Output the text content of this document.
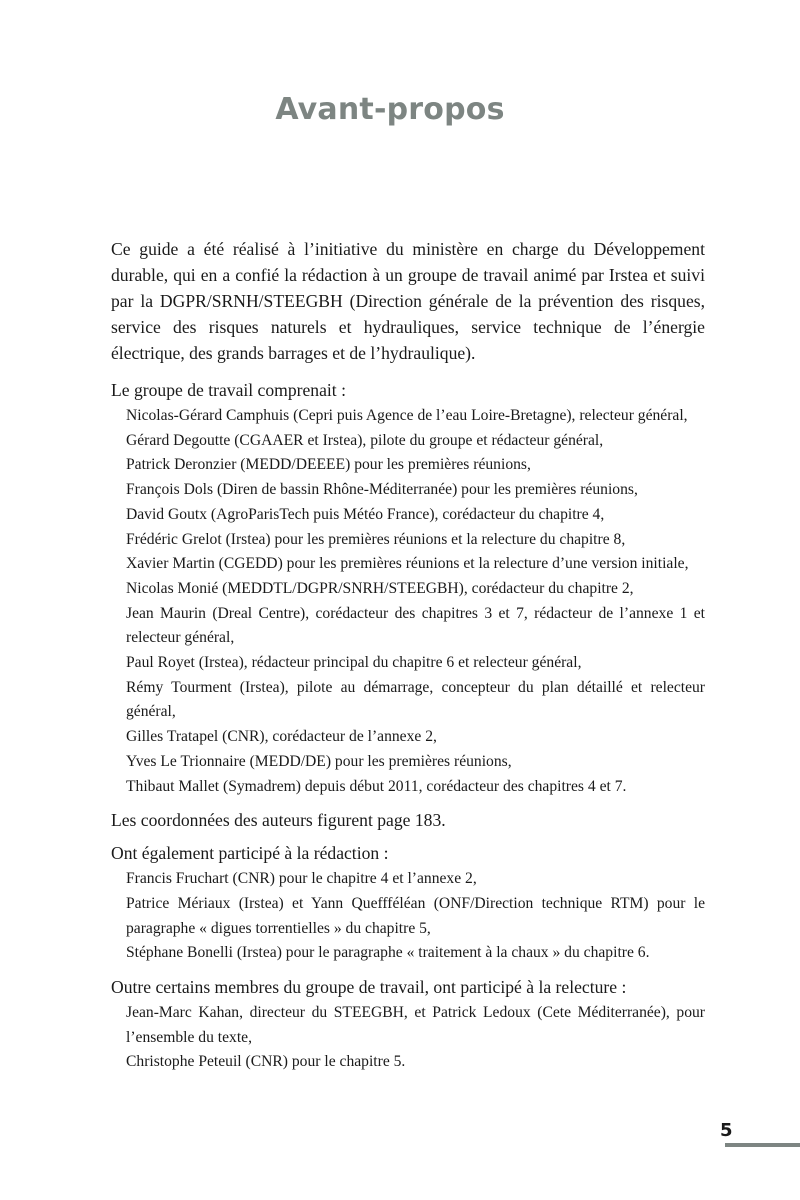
Avant-propos

Ce guide a été réalisé à l’initiative du ministère en charge du Développement durable, qui en a confié la rédaction à un groupe de travail animé par Irstea et suivi par la DGPR/SRNH/STEEGBH (Direction générale de la prévention des risques, service des risques naturels et hydrauliques, service technique de l’énergie électrique, des grands barrages et de l’hydraulique).

Le groupe de travail comprenait :

Nicolas-Gérard Camphuis (Cepri puis Agence de l’eau Loire-Bretagne), relecteur général,
Gérard Degoutte (CGAAER et Irstea), pilote du groupe et rédacteur général,
Patrick Deronzier (MEDD/DEEEE) pour les premières réunions,
François Dols (Diren de bassin Rhône-Méditerranée) pour les premières réunions,
David Goutx (AgroParisTech puis Météo France), corédacteur du chapitre 4,
Frédéric Grelot (Irstea) pour les premières réunions et la relecture du chapitre 8,
Xavier Martin (CGEDD) pour les premières réunions et la relecture d’une version initiale,
Nicolas Monié (MEDDTL/DGPR/SNRH/STEEGBH), corédacteur du chapitre 2,
Jean Maurin (Dreal Centre), corédacteur des chapitres 3 et 7, rédacteur de l’annexe 1 et relecteur général,
Paul Royet (Irstea), rédacteur principal du chapitre 6 et relecteur général,
Rémy Tourment (Irstea), pilote au démarrage, concepteur du plan détaillé et relecteur général,
Gilles Tratapel (CNR), corédacteur de l’annexe 2,
Yves Le Trionnaire (MEDD/DE) pour les premières réunions,
Thibaut Mallet (Symadrem) depuis début 2011, corédacteur des chapitres 4 et 7.

Les coordonnées des auteurs figurent page 183.

Ont également participé à la rédaction :

Francis Fruchart (CNR) pour le chapitre 4 et l’annexe 2,
Patrice Mériaux (Irstea) et Yann Queffféléan (ONF/Direction technique RTM) pour le paragraphe « digues torrentielles » du chapitre 5,
Stéphane Bonelli (Irstea) pour le paragraphe « traitement à la chaux » du chapitre 6.

Outre certains membres du groupe de travail, ont participé à la relecture :

Jean-Marc Kahan, directeur du STEEGBH, et Patrick Ledoux (Cete Méditerranée), pour l’ensemble du texte,
Christophe Peteuil (CNR) pour le chapitre 5.

5
